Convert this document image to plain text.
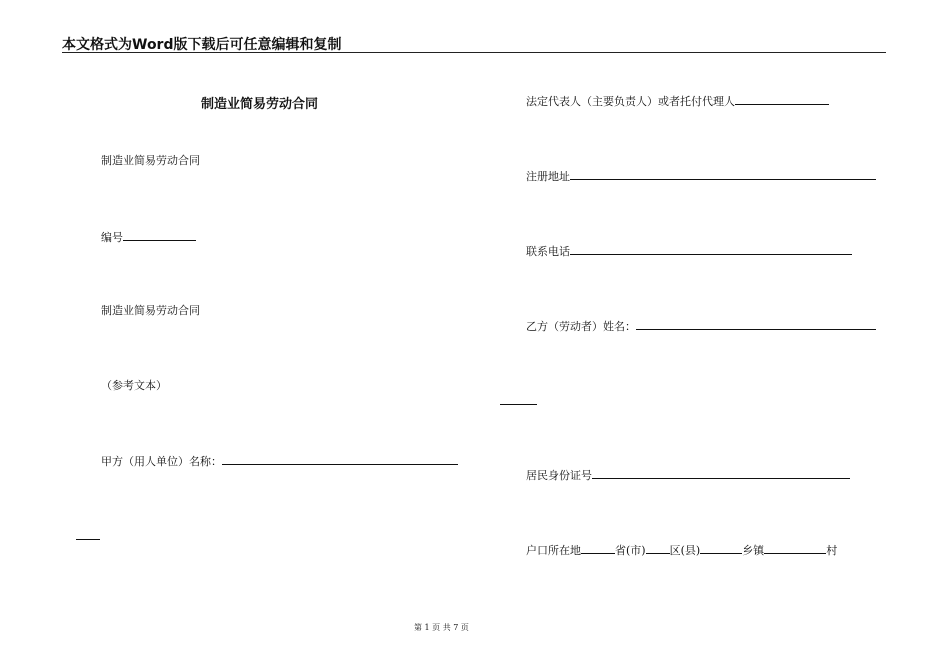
本文格式为Word版下载后可任意编辑和复制
制造业简易劳动合同
制造业简易劳动合同
编号
制造业简易劳动合同
（参考文本）
甲方（用人单位）名称：
法定代表人（主要负责人）或者托付代理人
注册地址
联系电话
乙方（劳动者）姓名：
居民身份证号
户口所在地	省(市) 区(县)	乡镇	村
第 1 页 共 7 页
